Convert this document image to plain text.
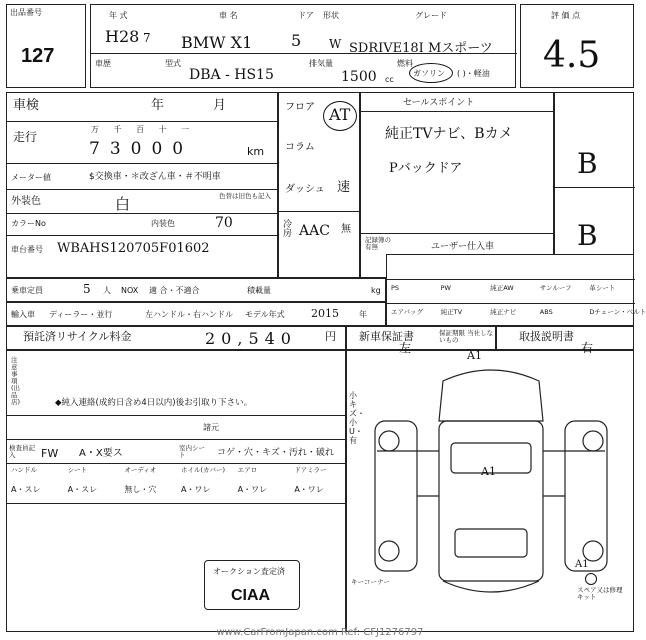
出品番号
127
年 式	車 名	ドア 形状	グレード
H28 7 BMW X1 5 W SDRIVE18I Mスポーツ
車歴	型式
DBA - HS15
排気量
1500 cc
燃料
ガソリン ( )・軽油
評 価 点
4.5
車検	年	月
走行
万 千 百 十 一
73000	km
メーター値	$交換車・＊改ざん車・＃不明車
外装色	白	色替は旧色も記入
カラーNo	内装色	70
車台番号 WBAHS120705F01602
フロア AT
コラム
ダッシュ 速
冷房 AAC 無
セールスポイント
純正TVナビ、Bカメ
Pバックドア
記録簿の有無	ユーザー仕入車
B
B
乗車定員	5 人 NOX 適 合・不適合	積載量	kg
輸入車 ディーラー・並行	左ハンドル・右ハンドル モデル年式 2015	年
PS	PW	純正AW	サンルーフ	革シート
エアバッグ	純正TV	純正ナビ	ABS	Dチェーン・ベルト
預託済リサイクル料金	20,540	円 新車保証書	保証期限 当社しないもの	取扱説明書
注意事項(出品店)	◆純入連絡(成約日含め4日以内)後お引取り下さい。
諸元
検査員記入	FW A・X要ス	室内シート	コゲ・穴・キズ・汚れ・破れ
ハンドル
A・スレ
シート
A・スレ
オーディオ
無し・穴
ホイル(カバー)
A・ワレ
エアロ
A・ワレ
ドアミラー
A・ワレ
オークション査定済
CIAA
左	右
A1
A1
小キズ・小U・有
A1
スペア又は修理キット
キーコーナー
www.CarFromJapan.com Ref: CFJ1276797
